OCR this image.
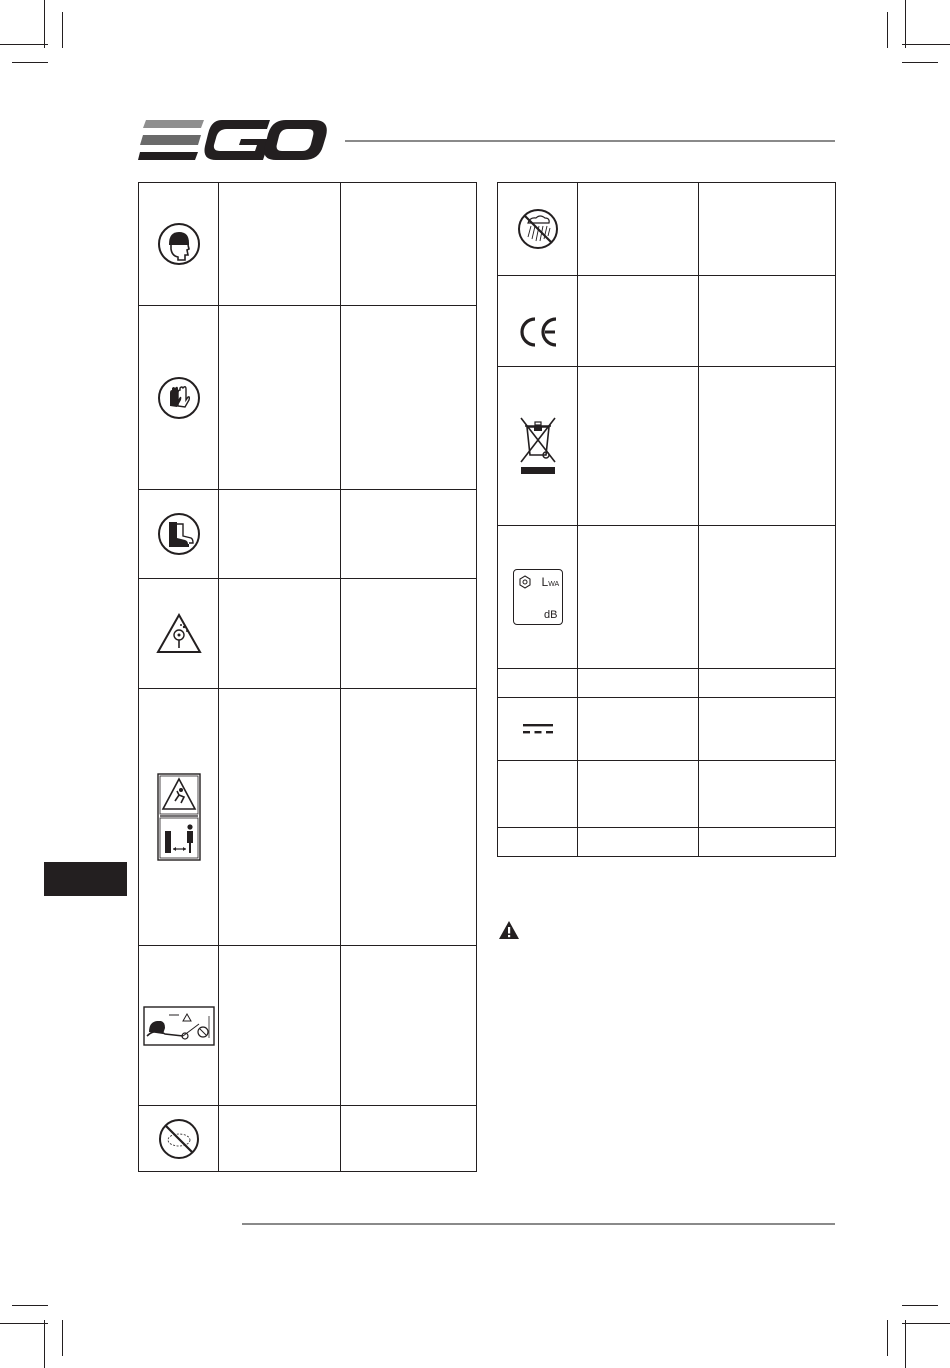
LWA
dB		
